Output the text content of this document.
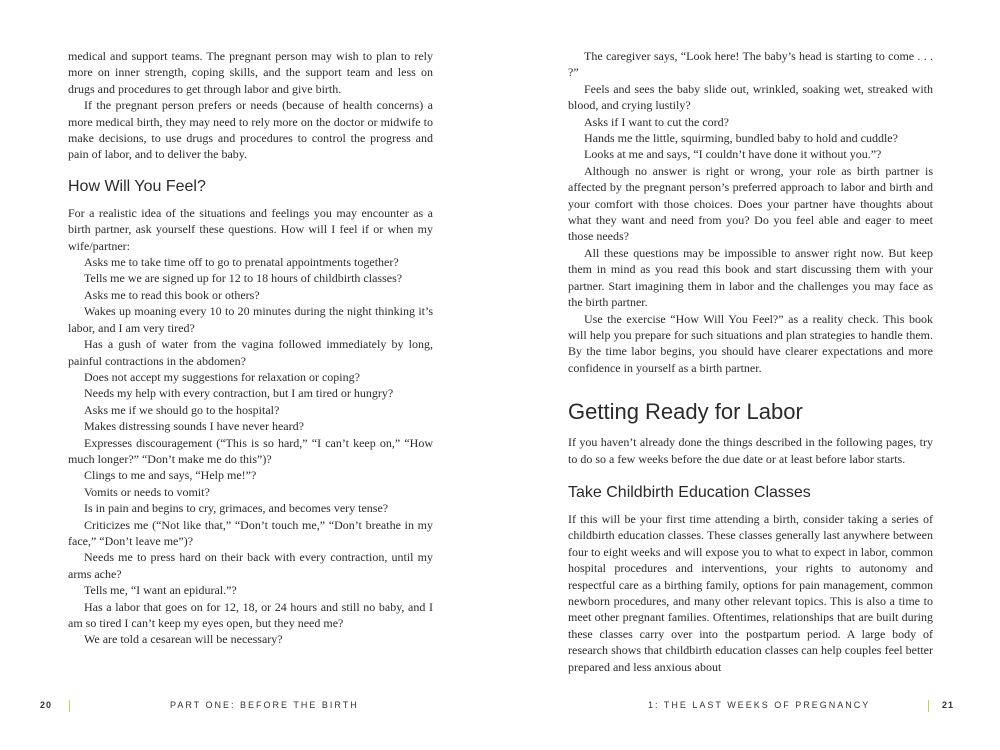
medical and support teams. The pregnant person may wish to plan to rely more on inner strength, coping skills, and the support team and less on drugs and procedures to get through labor and give birth.

If the pregnant person prefers or needs (because of health concerns) a more medical birth, they may need to rely more on the doctor or midwife to make decisions, to use drugs and procedures to control the progress and pain of labor, and to deliver the baby.

How Will You Feel?

For a realistic idea of the situations and feelings you may encounter as a birth partner, ask yourself these questions. How will I feel if or when my wife/partner:

Asks me to take time off to go to prenatal appointments together?

Tells me we are signed up for 12 to 18 hours of childbirth classes?

Asks me to read this book or others?

Wakes up moaning every 10 to 20 minutes during the night thinking it’s labor, and I am very tired?

Has a gush of water from the vagina followed immediately by long, painful contractions in the abdomen?

Does not accept my suggestions for relaxation or coping?

Needs my help with every contraction, but I am tired or hungry?

Asks me if we should go to the hospital?

Makes distressing sounds I have never heard?

Expresses discouragement (“This is so hard,” “I can’t keep on,” “How much longer?” “Don’t make me do this”)?

Clings to me and says, “Help me!”?

Vomits or needs to vomit?

Is in pain and begins to cry, grimaces, and becomes very tense?

Criticizes me (“Not like that,” “Don’t touch me,” “Don’t breathe in my face,” “Don’t leave me”)?

Needs me to press hard on their back with every contraction, until my arms ache?

Tells me, “I want an epidural.”?

Has a labor that goes on for 12, 18, or 24 hours and still no baby, and I am so tired I can’t keep my eyes open, but they need me?

We are told a cesarean will be necessary?

The caregiver says, “Look here! The baby’s head is starting to come . . . ?”

Feels and sees the baby slide out, wrinkled, soaking wet, streaked with blood, and crying lustily?

Asks if I want to cut the cord?

Hands me the little, squirming, bundled baby to hold and cuddle?

Looks at me and says, “I couldn’t have done it without you.”?

Although no answer is right or wrong, your role as birth partner is affected by the pregnant person’s preferred approach to labor and birth and your comfort with those choices. Does your partner have thoughts about what they want and need from you? Do you feel able and eager to meet those needs?

All these questions may be impossible to answer right now. But keep them in mind as you read this book and start discussing them with your partner. Start imagining them in labor and the challenges you may face as the birth partner.

Use the exercise “How Will You Feel?” as a reality check. This book will help you prepare for such situations and plan strategies to handle them. By the time labor begins, you should have clearer expectations and more confidence in yourself as a birth partner.

Getting Ready for Labor

If you haven’t already done the things described in the following pages, try to do so a few weeks before the due date or at least before labor starts.

Take Childbirth Education Classes

If this will be your first time attending a birth, consider taking a series of childbirth education classes. These classes generally last anywhere between four to eight weeks and will expose you to what to expect in labor, common hospital procedures and interventions, your rights to autonomy and respectful care as a birthing family, options for pain management, common newborn procedures, and many other relevant topics. This is also a time to meet other pregnant families. Oftentimes, relationships that are built during these classes carry over into the postpartum period. A large body of research shows that childbirth education classes can help couples feel better prepared and less anxious about

20	PART ONE: BEFORE THE BIRTH	1: THE LAST WEEKS OF PREGNANCY	21
